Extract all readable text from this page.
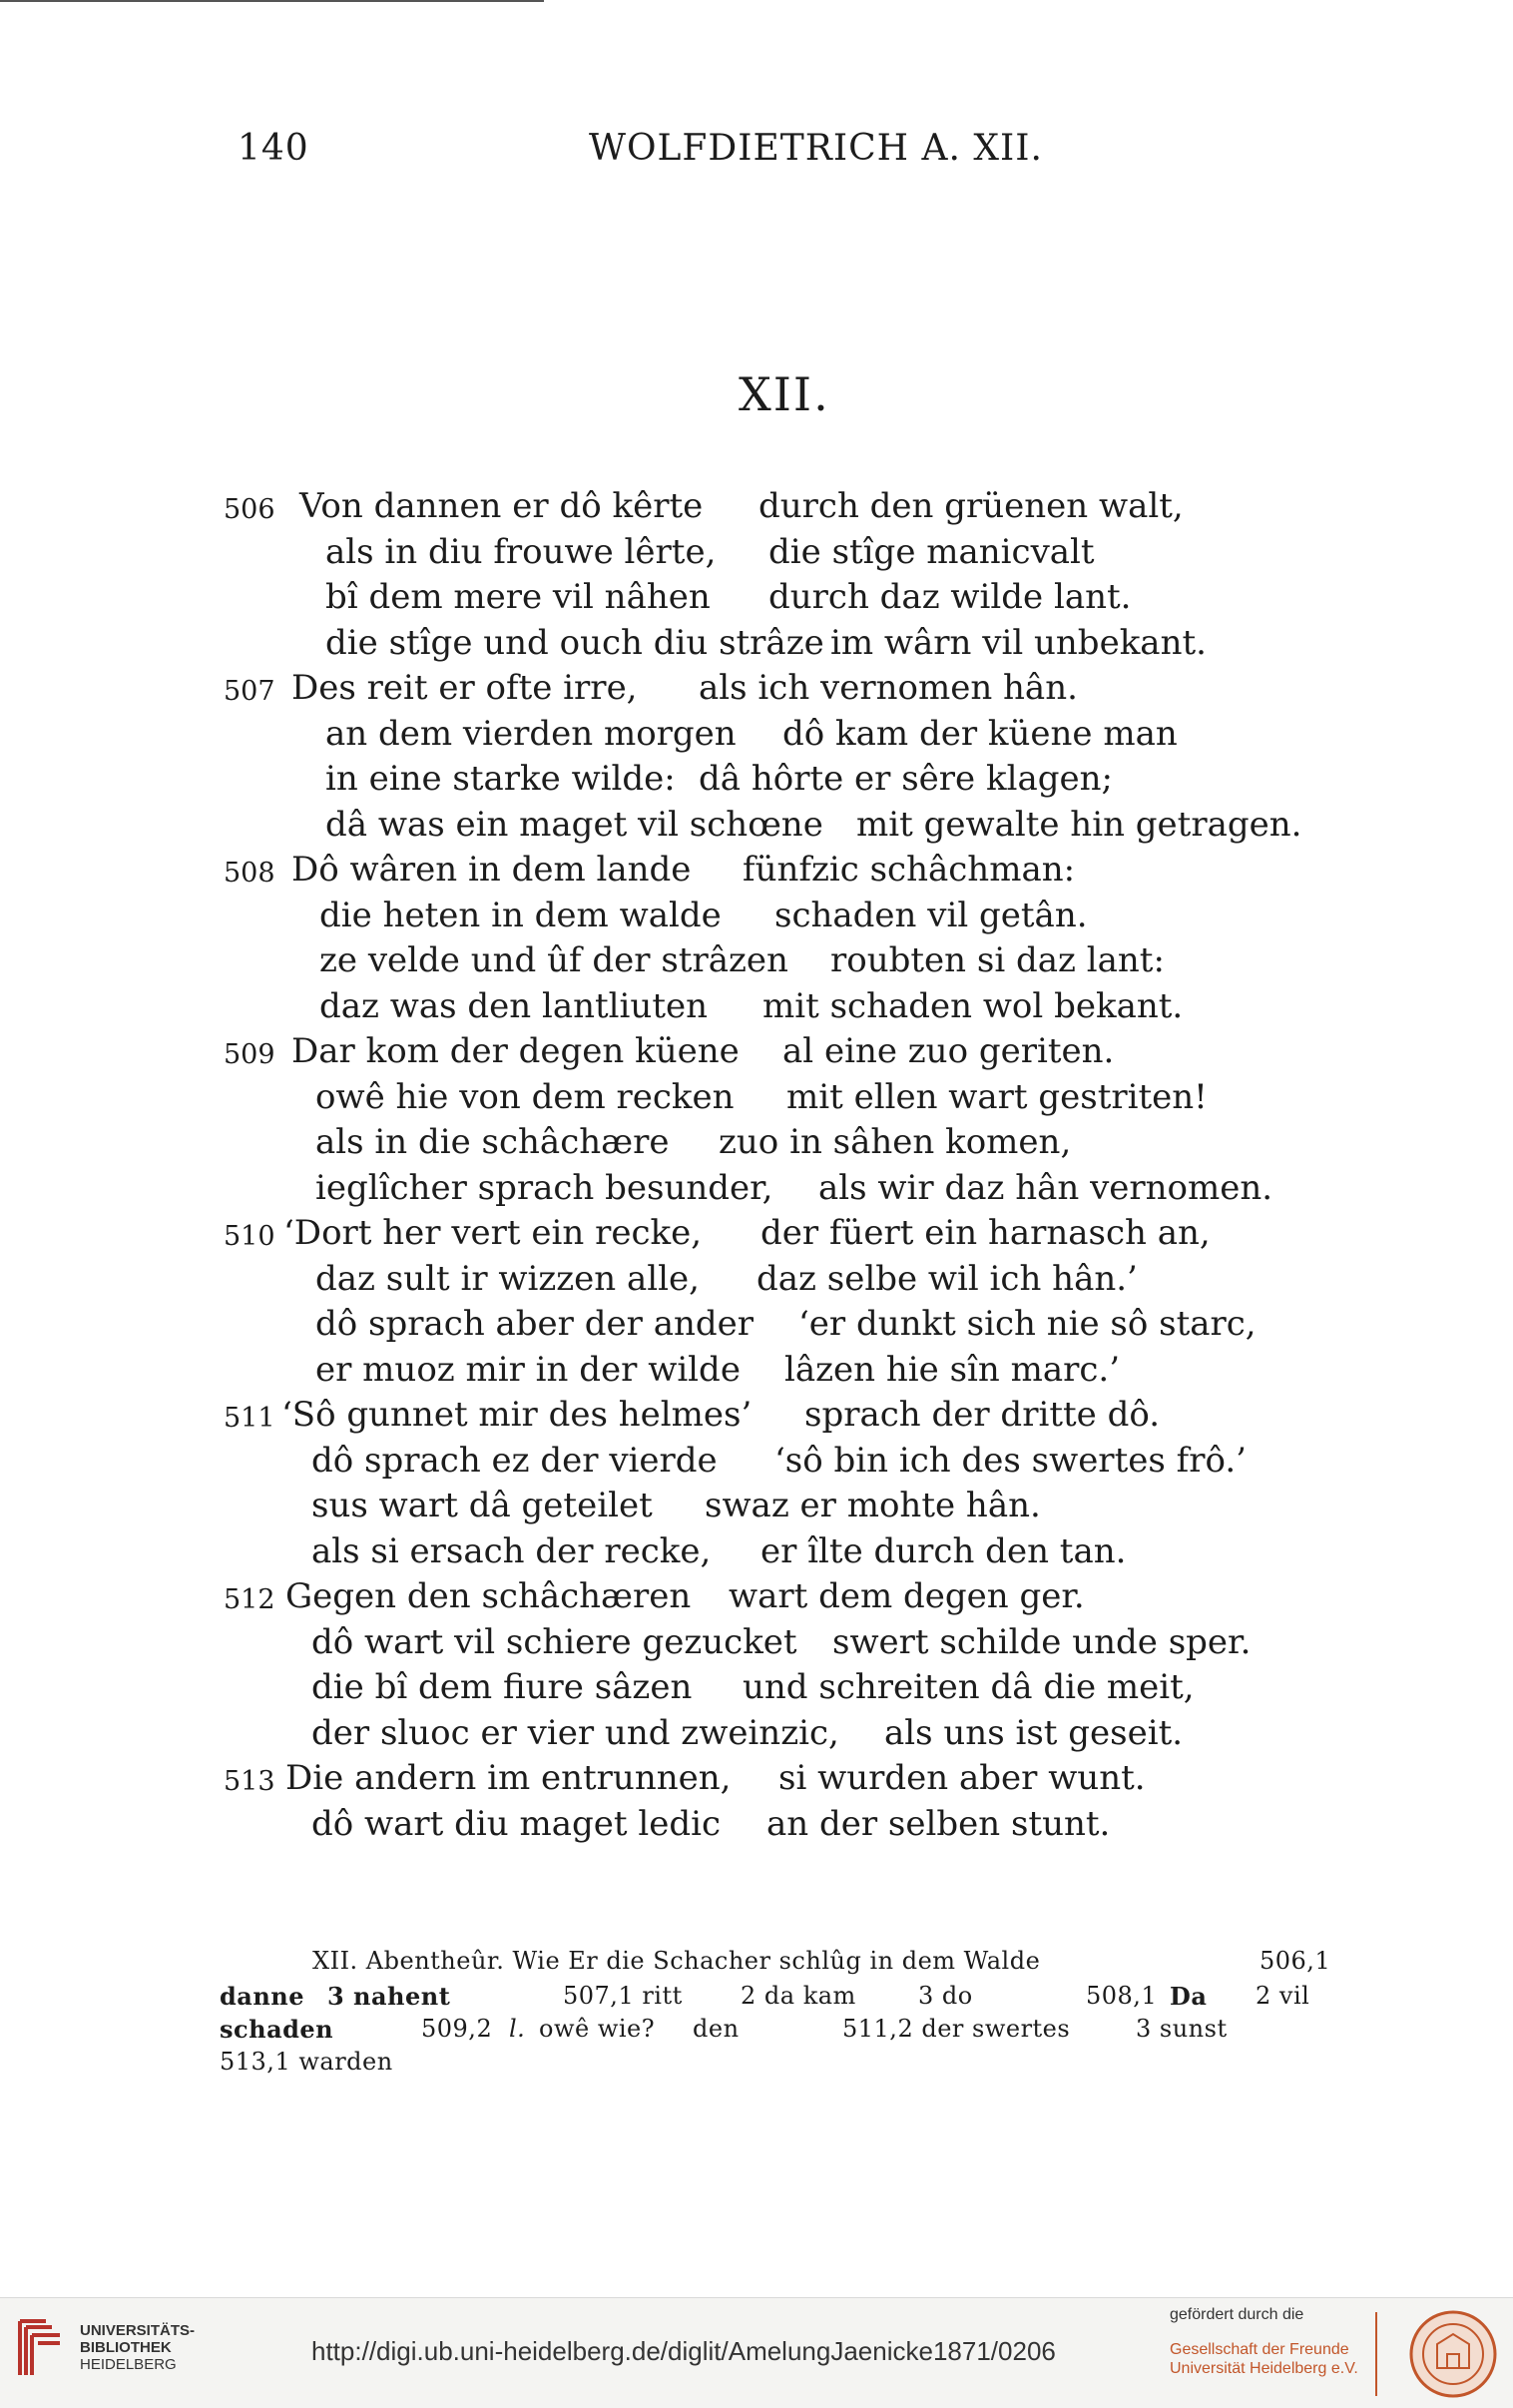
140	WOLFDIETRICH A. XII.
XII.
506 Von dannen er dô kêrte durch den grüenen walt,
als in diu frouwe lêrte, die stîge manicvalt
bî dem mere vil nâhen durch daz wilde lant.
die stîge und ouch diu strâze im wârn vil unbekant.
507 Des reit er ofte irre, als ich vernomen hân.
an dem vierden morgen dô kam der küene man
in eine starke wilde: dâ hôrte er sêre klagen;
dâ was ein maget vil schœne mit gewalte hin getragen.
508 Dô wâren in dem lande fünfzic schâchman:
die heten in dem walde schaden vil getân.
ze velde und ûf der strâzen roubten si daz lant:
daz was den lantliuten mit schaden wol bekant.
509 Dar kom der degen küene al eine zuo geriten.
owê hie von dem recken mit ellen wart gestriten!
als in die schâchære zuo in sâhen komen,
ieglîcher sprach besunder, als wir daz hân vernomen.
510 ‘Dort her vert ein recke, der füert ein harnasch an,
daz sult ir wizzen alle, daz selbe wil ich hân.’
dô sprach aber der ander ‘er dunkt sich nie sô starc,
er muoz mir in der wilde lâzen hie sîn marc.’
511 ‘Sô gunnet mir des helmes’ sprach der dritte dô.
dô sprach ez der vierde ‘sô bin ich des swertes frô.’
sus wart dâ geteilet swaz er mohte hân.
als si ersach der recke, er îlte durch den tan.
512 Gegen den schâchæren wart dem degen ger.
dô wart vil schiere gezucket swert schilde unde sper.
die bî dem fiure sâzen und schreiten dâ die meit,
der sluoc er vier und zweinzic, als uns ist geseit.
513 Die andern im entrunnen, si wurden aber wunt.
dô wart diu maget ledic an der selben stunt.
XII. Abentheûr. Wie Er die Schacher schlûg in dem Walde	506,1
danne 3 nahent	507,1 ritt 2 da kam	3 do	508,1 Da 2 vil
schaden	509,2 l. owê wie? den	511,2 der swertes	3 sunst
513,1 warden
UNIVERSITÄTS-
BIBLIOTHEK
HEIDELBERG	http://digi.ub.uni-heidelberg.de/diglit/AmelungJaenicke1871/0206
gefördert durch die
Gesellschaft der Freunde
Universität Heidelberg e.V.
